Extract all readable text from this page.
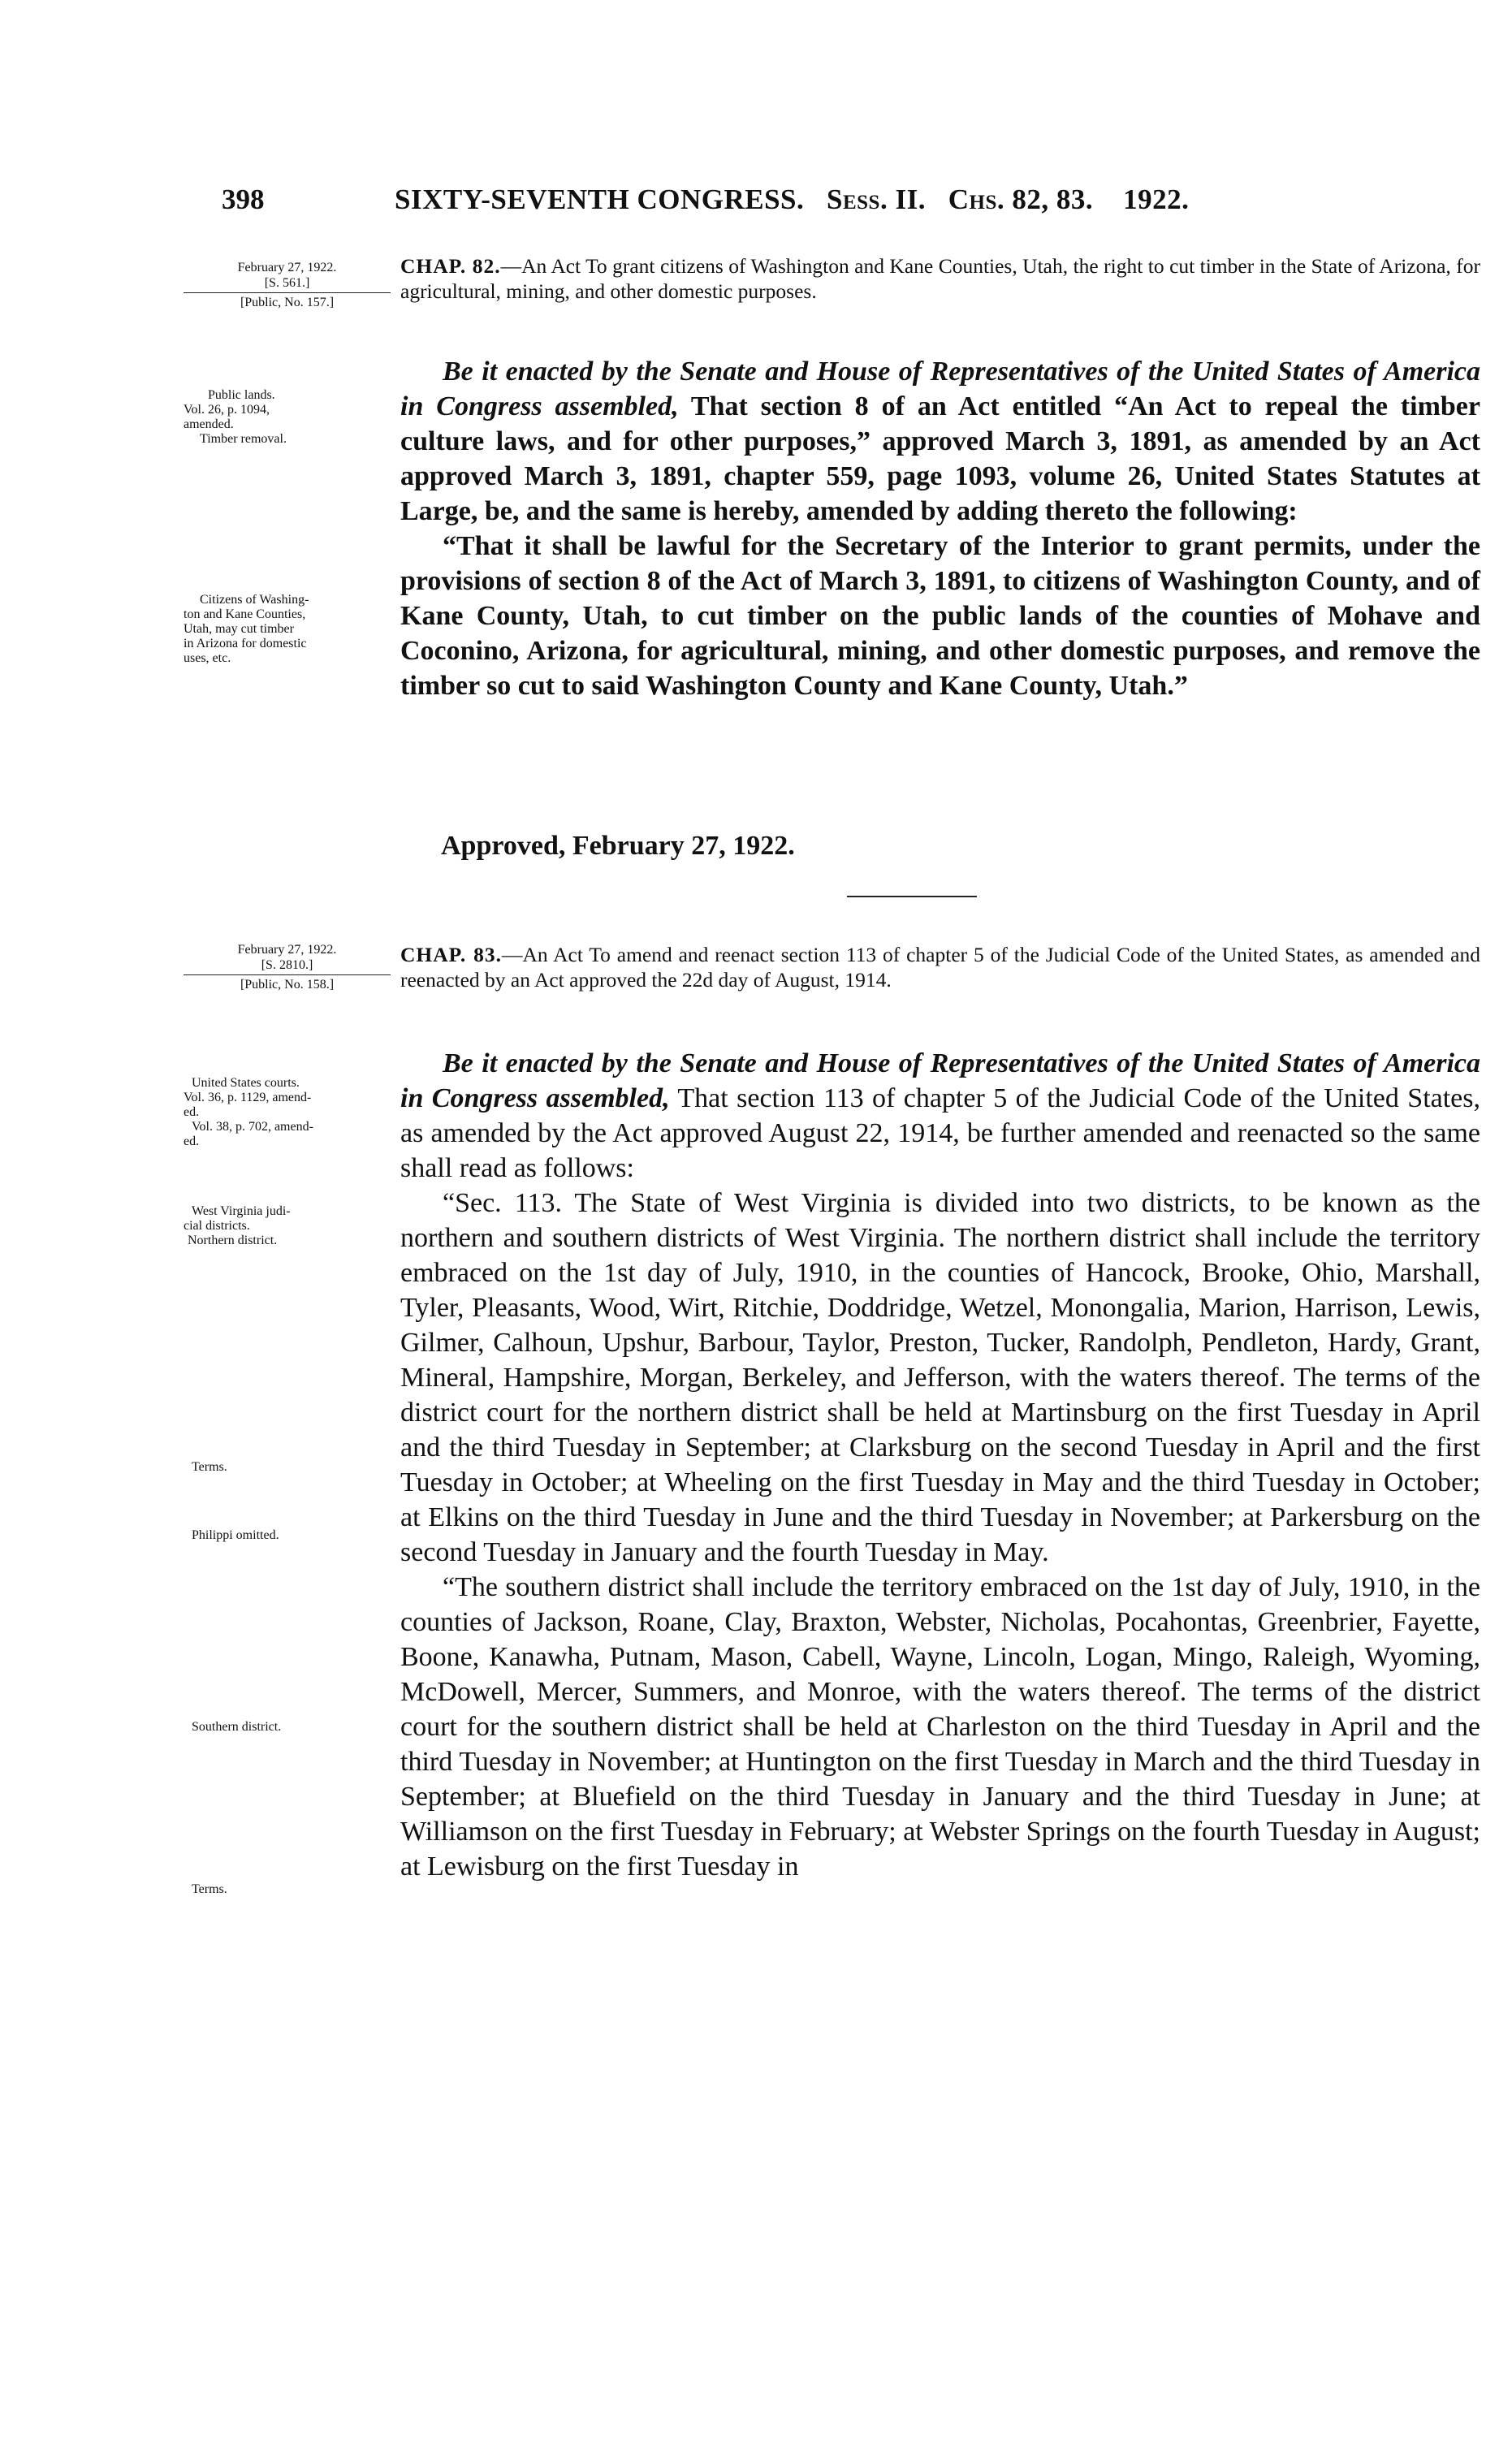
398	SIXTY-SEVENTH CONGRESS. Sess. II. Chs. 82, 83. 1922.
February 27, 1922.
[S. 561.]
[Public, No. 157.]
CHAP. 82.—An Act To grant citizens of Washington and Kane Counties, Utah, the right to cut timber in the State of Arizona, for agricultural, mining, and other domestic purposes.
Public lands.
Vol. 26, p. 1094,
amended.
Timber removal.
Citizens of Washing-
ton and Kane Counties,
Utah, may cut timber
in Arizona for domestic
uses, etc.

Be it enacted by the Senate and House of Representatives of the United States of America in Congress assembled, That section 8 of an Act entitled “An Act to repeal the timber culture laws, and for other purposes,” approved March 3, 1891, as amended by an Act approved March 3, 1891, chapter 559, page 1093, volume 26, United States Statutes at Large, be, and the same is hereby, amended by adding thereto the following:

“That it shall be lawful for the Secretary of the Interior to grant permits, under the provisions of section 8 of the Act of March 3, 1891, to citizens of Washington County, and of Kane County, Utah, to cut timber on the public lands of the counties of Mohave and Coconino, Arizona, for agricultural, mining, and other domestic purposes, and remove the timber so cut to said Washington County and Kane County, Utah.”

Approved, February 27, 1922.
February 27, 1922.
[S. 2810.]
[Public, No. 158.]
CHAP. 83.—An Act To amend and reenact section 113 of chapter 5 of the Judicial Code of the United States, as amended and reenacted by an Act approved the 22d day of August, 1914.
United States courts.
Vol. 36, p. 1129, amend-
ed.
Vol. 38, p. 702, amend-
ed.
West Virginia judi-
cial districts.
Northern district.
Terms.
Philippi omitted.
Southern district.
Terms.

Be it enacted by the Senate and House of Representatives of the United States of America in Congress assembled, That section 113 of chapter 5 of the Judicial Code of the United States, as amended by the Act approved August 22, 1914, be further amended and reenacted so the same shall read as follows:

“Sec. 113. The State of West Virginia is divided into two districts, to be known as the northern and southern districts of West Virginia. The northern district shall include the territory embraced on the 1st day of July, 1910, in the counties of Hancock, Brooke, Ohio, Marshall, Tyler, Pleasants, Wood, Wirt, Ritchie, Doddridge, Wetzel, Monongalia, Marion, Harrison, Lewis, Gilmer, Calhoun, Upshur, Barbour, Taylor, Preston, Tucker, Randolph, Pendleton, Hardy, Grant, Mineral, Hampshire, Morgan, Berkeley, and Jefferson, with the waters thereof. The terms of the district court for the northern district shall be held at Martinsburg on the first Tuesday in April and the third Tuesday in September; at Clarksburg on the second Tuesday in April and the first Tuesday in October; at Wheeling on the first Tuesday in May and the third Tuesday in October; at Elkins on the third Tuesday in June and the third Tuesday in November; at Parkersburg on the second Tuesday in January and the fourth Tuesday in May.

“The southern district shall include the territory embraced on the 1st day of July, 1910, in the counties of Jackson, Roane, Clay, Braxton, Webster, Nicholas, Pocahontas, Greenbrier, Fayette, Boone, Kanawha, Putnam, Mason, Cabell, Wayne, Lincoln, Logan, Mingo, Raleigh, Wyoming, McDowell, Mercer, Summers, and Monroe, with the waters thereof. The terms of the district court for the southern district shall be held at Charleston on the third Tuesday in April and the third Tuesday in November; at Huntington on the first Tuesday in March and the third Tuesday in September; at Bluefield on the third Tuesday in January and the third Tuesday in June; at Williamson on the first Tuesday in February; at Webster Springs on the fourth Tuesday in August; at Lewisburg on the first Tuesday in
